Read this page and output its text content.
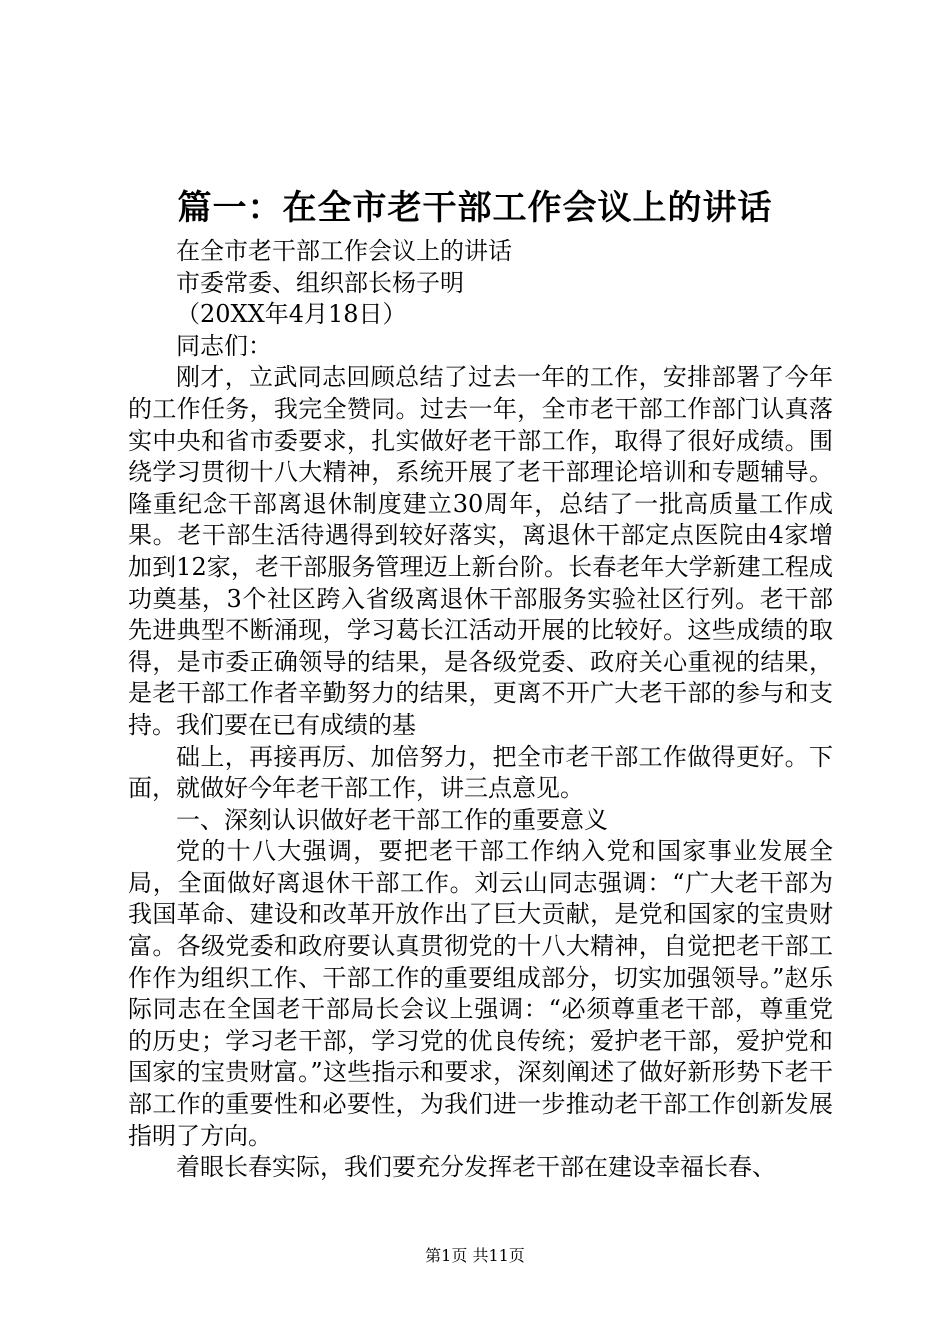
篇一：在全市老干部工作会议上的讲话

在全市老干部工作会议上的讲话

市委常委、组织部长杨子明

（20XX年4月18日）

同志们：

刚才，立武同志回顾总结了过去一年的工作，安排部署了今年的工作任务，我完全赞同。过去一年，全市老干部工作部门认真落实中央和省市委要求，扎实做好老干部工作，取得了很好成绩。围绕学习贯彻十八大精神，系统开展了老干部理论培训和专题辅导。隆重纪念干部离退休制度建立30周年，总结了一批高质量工作成果。老干部生活待遇得到较好落实，离退休干部定点医院由4家增加到12家，老干部服务管理迈上新台阶。长春老年大学新建工程成功奠基，3个社区跨入省级离退休干部服务实验社区行列。老干部先进典型不断涌现，学习葛长江活动开展的比较好。这些成绩的取得，是市委正确领导的结果，是各级党委、政府关心重视的结果，是老干部工作者辛勤努力的结果，更离不开广大老干部的参与和支持。我们要在已有成绩的基

础上，再接再厉、加倍努力，把全市老干部工作做得更好。下面，就做好今年老干部工作，讲三点意见。

一、深刻认识做好老干部工作的重要意义

党的十八大强调，要把老干部工作纳入党和国家事业发展全局，全面做好离退休干部工作。刘云山同志强调：“广大老干部为我国革命、建设和改革开放作出了巨大贡献，是党和国家的宝贵财富。各级党委和政府要认真贯彻党的十八大精神，自觉把老干部工作作为组织工作、干部工作的重要组成部分，切实加强领导。”赵乐际同志在全国老干部局长会议上强调：“必须尊重老干部，尊重党的历史；学习老干部，学习党的优良传统；爱护老干部，爱护党和国家的宝贵财富。”这些指示和要求，深刻阐述了做好新形势下老干部工作的重要性和必要性，为我们进一步推动老干部工作创新发展指明了方向。

着眼长春实际，我们要充分发挥老干部在建设幸福长春、

第1页 共11页
